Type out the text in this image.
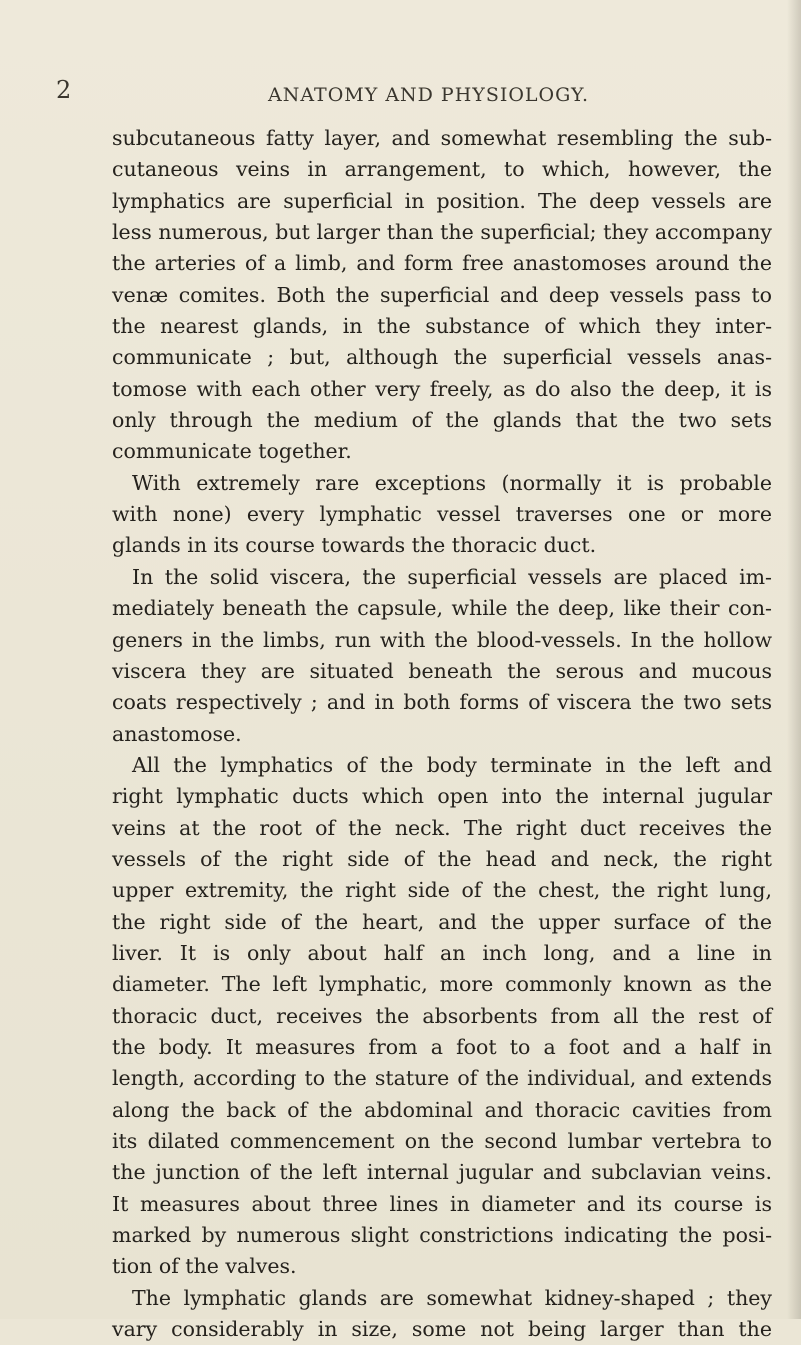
2	ANATOMY AND PHYSIOLOGY.
subcutaneous fatty layer, and somewhat resembling the sub-
cutaneous veins in arrangement, to which, however, the
lymphatics are superficial in position. The deep vessels are
less numerous, but larger than the superficial; they accompany
the arteries of a limb, and form free anastomoses around the
venæ comites. Both the superficial and deep vessels pass to
the nearest glands, in the substance of which they inter-
communicate ; but, although the superficial vessels anas-
tomose with each other very freely, as do also the deep, it is
only through the medium of the glands that the two sets
communicate together.
With extremely rare exceptions (normally it is probable
with none) every lymphatic vessel traverses one or more
glands in its course towards the thoracic duct.
In the solid viscera, the superficial vessels are placed im-
mediately beneath the capsule, while the deep, like their con-
geners in the limbs, run with the blood-vessels. In the hollow
viscera they are situated beneath the serous and mucous
coats respectively ; and in both forms of viscera the two sets
anastomose.
All the lymphatics of the body terminate in the left and
right lymphatic ducts which open into the internal jugular
veins at the root of the neck. The right duct receives the
vessels of the right side of the head and neck, the right
upper extremity, the right side of the chest, the right lung,
the right side of the heart, and the upper surface of the
liver. It is only about half an inch long, and a line in
diameter. The left lymphatic, more commonly known as the
thoracic duct, receives the absorbents from all the rest of
the body. It measures from a foot to a foot and a half in
length, according to the stature of the individual, and extends
along the back of the abdominal and thoracic cavities from
its dilated commencement on the second lumbar vertebra to
the junction of the left internal jugular and subclavian veins.
It measures about three lines in diameter and its course is
marked by numerous slight constrictions indicating the posi-
tion of the valves.
The lymphatic glands are somewhat kidney-shaped ; they
vary considerably in size, some not being larger than the
